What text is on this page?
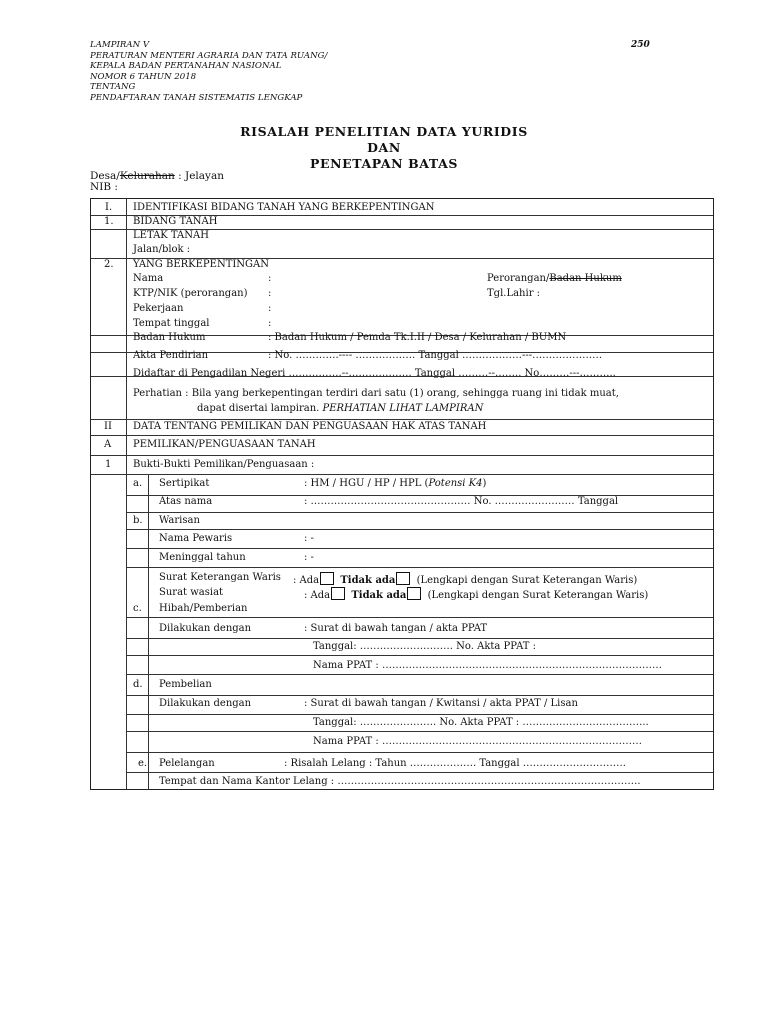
LAMPIRAN V
PERATURAN MENTERI AGRARIA DAN TATA RUANG/
KEPALA BADAN PERTANAHAN NASIONAL
NOMOR 6 TAHUN 2018
TENTANG
PENDAFTARAN TANAH SISTEMATIS LENGKAP
250
RISALAH PENELITIAN DATA YURIDIS
DAN
PENETAPAN BATAS
Desa/Kelurahan : Jelayan
NIB :
I. IDENTIFIKASI BIDANG TANAH YANG BERKEPENTINGAN
1. BIDANG TANAH
LETAK TANAH
Jalan/blok :
2. YANG BERKEPENTINGAN
Nama	:	Perorangan/Badan Hukum
KTP/NIK (perorangan) :	Tgl.Lahir :
Pekerjaan	:
Tempat tinggal	:
Badan Hukum	: Badan Hukum / Pemda Tk.I.II / Desa / Kelurahan / BUMN
Akta Pendirian	: No. ………….---- ……………… Tanggal ………………---…………………
Didaftar di Pengadilan Negeri …………….--………………. Tanggal ………--…….. No………---………..
Perhatian : Bila yang berkepentingan terdiri dari satu (1) orang, sehingga ruang ini tidak muat,
dapat disertai lampiran. PERHATIAN LIHAT LAMPIRAN
II DATA TENTANG PEMILIKAN DAN PENGUASAAN HAK ATAS TANAH
A PEMILIKAN/PENGUASAAN TANAH
1 Bukti-Bukti Pemilikan/Penguasaan :
a. Sertipikat	: HM / HGU / HP / HPL (Potensi K4)
Atas nama	: ………………………………………… No. …………………… Tanggal
b. Warisan
Nama Pewaris	: -
Meninggal tahun	: -
Surat Keterangan Waris : Ada Tidak ada (Lengkapi dengan Surat Keterangan Waris)
Surat wasiat	: Ada Tidak ada (Lengkapi dengan Surat Keterangan Waris)
c. Hibah/Pemberian
Dilakukan dengan	: Surat di bawah tangan / akta PPAT
Tanggal: ………………………. No. Akta PPAT :
Nama PPAT : …………………………………………………………………………
d. Pembelian
Dilakukan dengan	: Surat di bawah tangan / Kwitansi / akta PPAT / Lisan
Tanggal: ………………….. No. Akta PPAT : ………………………………..
Nama PPAT : ……………………………………………………………………
e. Pelelangan	: Risalah Lelang : Tahun ……………….. Tanggal ………………………….
Tempat dan Nama Kantor Lelang : ……………………………………………………………………………….
